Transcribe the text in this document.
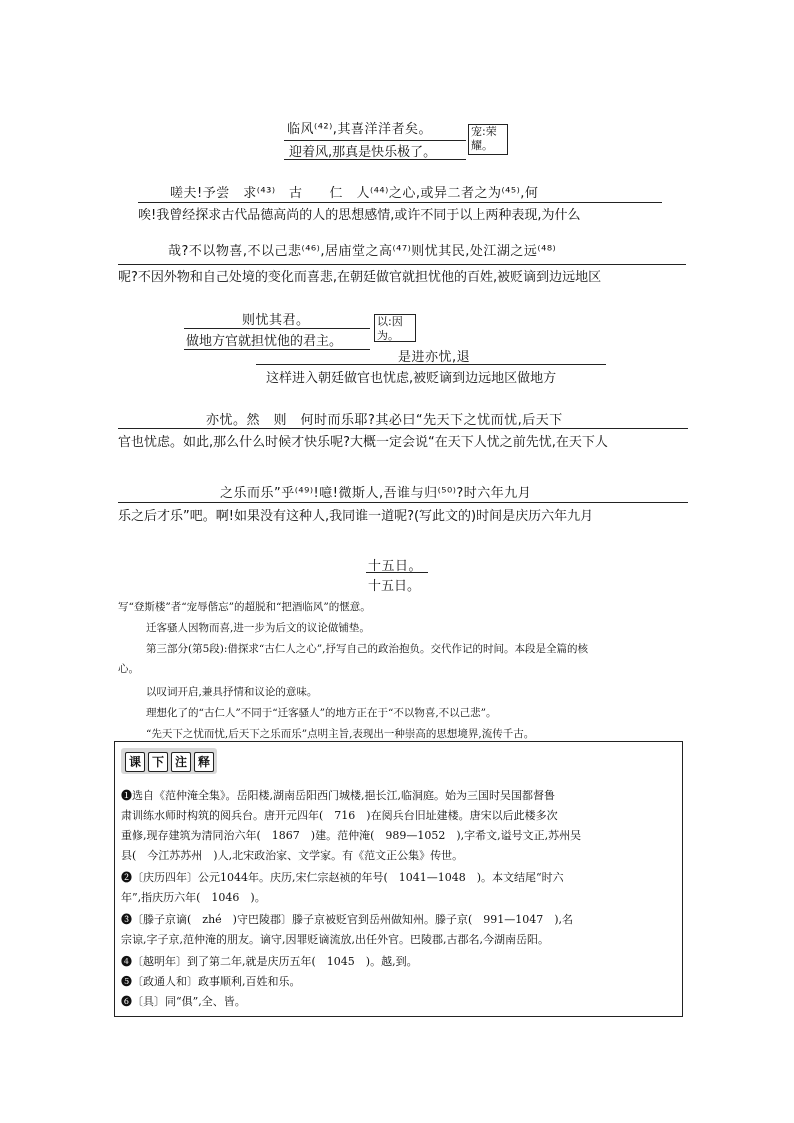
临风⁽⁴²⁾,其喜洋洋者矣。
迎着风,那真是快乐极了。
宠:荣耀。
嗟夫!予尝　求⁽⁴³⁾　古　　仁　人⁽⁴⁴⁾之心,或异二者之为⁽⁴⁵⁾,何
唉!我曾经探求古代品德高尚的人的思想感情,或许不同于以上两种表现,为什么
哉?不以物喜,不以己悲⁽⁴⁶⁾,居庙堂之高⁽⁴⁷⁾则忧其民,处江湖之远⁽⁴⁸⁾
呢?不因外物和自己处境的变化而喜悲,在朝廷做官就担忧他的百姓,被贬谪到边远地区
则忧其君。
做地方官就担忧他的君主。
以:因为。
是进亦忧,退
这样进入朝廷做官也忧虑,被贬谪到边远地区做地方
亦忧。然　则　何时而乐耶?其必曰“先天下之忧而忧,后天下
官也忧虑。如此,那么什么时候才快乐呢?大概一定会说“在天下人忧之前先忧,在天下人
之乐而乐”乎⁽⁴⁹⁾!噫!微斯人,吾谁与归⁽⁵⁰⁾?时六年九月
乐之后才乐”吧。啊!如果没有这种人,我同谁一道呢?(写此文的)时间是庆历六年九月
十五日。
十五日。
写“登斯楼”者“宠辱偕忘”的超脱和“把酒临风”的惬意。
迁客骚人因物而喜,进一步为后文的议论做铺垫。
第三部分(第5段):借探求“古仁人之心”,抒写自己的政治抱负。交代作记的时间。本段是全篇的核
心。
以叹词开启,兼具抒情和议论的意味。
理想化了的“古仁人”不同于“迁客骚人”的地方正在于“不以物喜,不以己悲”。
“先天下之忧而忧,后天下之乐而乐”点明主旨,表现出一种崇高的思想境界,流传千古。
课 下 注 释
❶选自《范仲淹全集》。岳阳楼,湖南岳阳西门城楼,挹长江,临洞庭。始为三国时吴国都督鲁
肃训练水师时构筑的阅兵台。唐开元四年(　716　)在阅兵台旧址建楼。唐宋以后此楼多次
重修,现存建筑为清同治六年(　1867　)建。范仲淹(　989—1052　),字希文,谥号文正,苏州吴
县(　今江苏苏州　)人,北宋政治家、文学家。有《范文正公集》传世。
❷〔庆历四年〕公元1044年。庆历,宋仁宗赵祯的年号(　1041—1048　)。本文结尾“时六
年”,指庆历六年(　1046　)。
❸〔滕子京谪(　zhé　)守巴陵郡〕滕子京被贬官到岳州做知州。滕子京(　991—1047　),名
宗谅,字子京,范仲淹的朋友。谪守,因罪贬谪流放,出任外官。巴陵郡,古郡名,今湖南岳阳。
❹〔越明年〕到了第二年,就是庆历五年(　1045　)。越,到。
❺〔政通人和〕政事顺利,百姓和乐。
❻〔具〕同“俱”,全、皆。
